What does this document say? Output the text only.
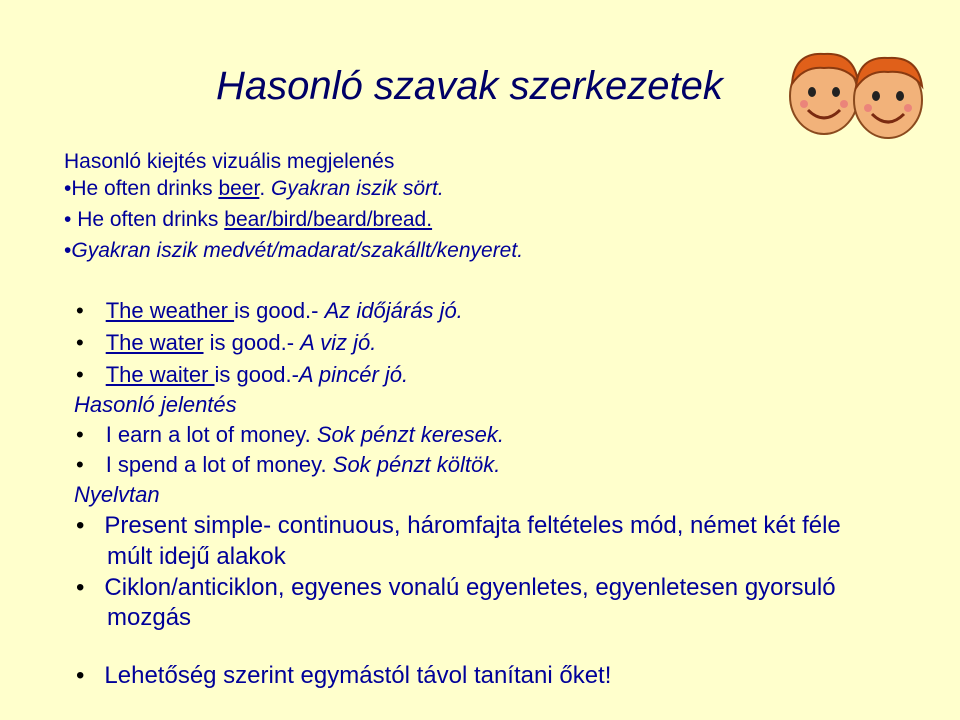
Hasonló szavak szerkezetek
Hasonló kiejtés vizuális megjelenés
•He often drinks beer. Gyakran iszik sört.
• He often drinks bear/bird/beard/bread.
•Gyakran iszik medvét/madarat/szakállt/kenyeret.
• The weather is good.- Az időjárás jó.
• The water is good.- A viz jó.
• The waiter is good.-A pincér jó.
Hasonló jelentés
• I earn a lot of money. Sok pénzt keresek.
• I spend a lot of money. Sok pénzt költök.
Nyelvtan
• Present simple- continuous, háromfajta feltételes mód, német két féle
múlt idejű alakok
• Ciklon/anticiklon, egyenes vonalú egyenletes, egyenletesen gyorsuló
mozgás
• Lehetőség szerint egymástól távol tanítani őket!
